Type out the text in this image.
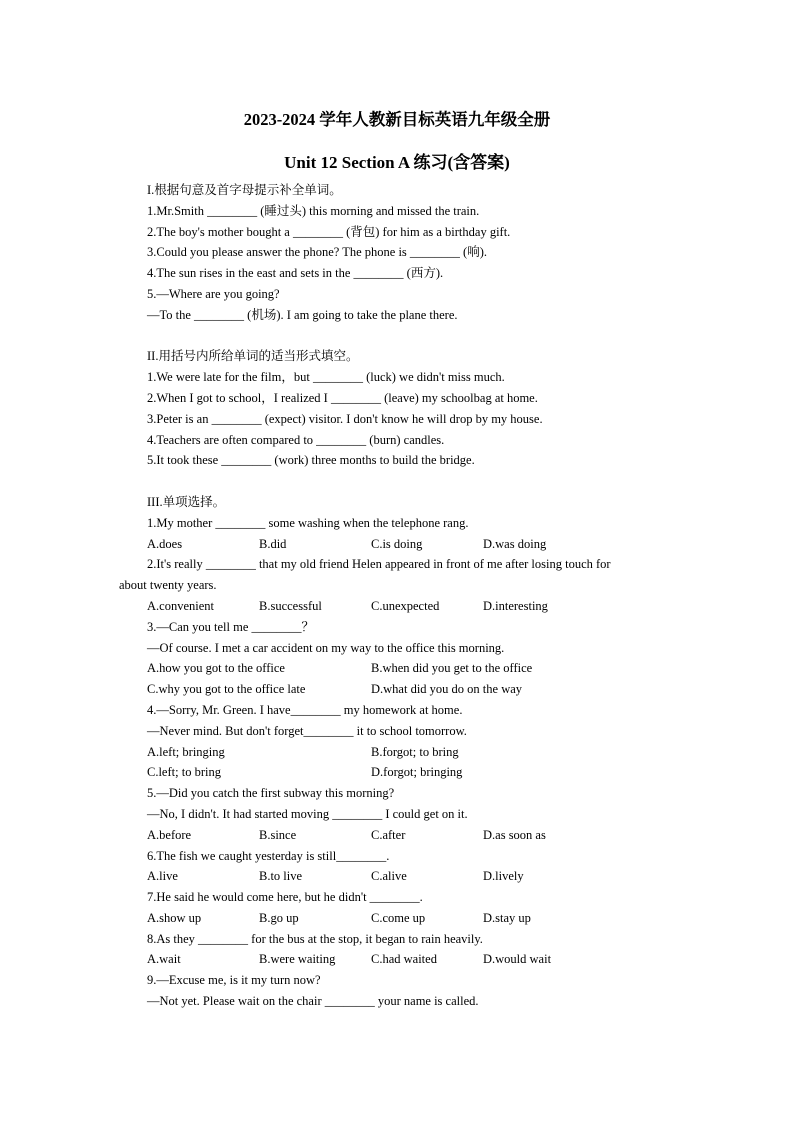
2023-2024 学年人教新目标英语九年级全册
Unit 12 Section A 练习(含答案)
I.根据句意及首字母提示补全单词。
1.Mr.Smith ________ (睡过头) this morning and missed the train.
2.The boy's mother bought a ________ (背包) for him as a birthday gift.
3.Could you please answer the phone? The phone is ________ (响).
4.The sun rises in the east and sets in the ________ (西方).
5.—Where are you going?
—To the ________ (机场). I am going to take the plane there.
II.用括号内所给单词的适当形式填空。
1.We were late for the film，but ________ (luck) we didn't miss much.
2.When I got to school，I realized I ________ (leave) my schoolbag at home.
3.Peter is an ________ (expect) visitor. I don't know he will drop by my house.
4.Teachers are often compared to ________ (burn) candles.
5.It took these ________ (work) three months to build the bridge.
III.单项选择。
1.My mother ________ some washing when the telephone rang.
A.does	B.did	C.is doing	D.was doing
2.It's really ________ that my old friend Helen appeared in front of me after losing touch for
about twenty years.
A.convenient	B.successful	C.unexpected	D.interesting
3.—Can you tell me ________？
—Of course. I met a car accident on my way to the office this morning.
A.how you got to the office	B.when did you get to the office
C.why you got to the office late	D.what did you do on the way
4.—Sorry, Mr. Green. I have________ my homework at home.
—Never mind. But don't forget________ it to school tomorrow.
A.left; bringing	B.forgot; to bring
C.left; to bring	D.forgot; bringing
5.—Did you catch the first subway this morning?
—No, I didn't. It had started moving ________ I could get on it.
A.before	B.since	C.after	D.as soon as
6.The fish we caught yesterday is still________.
A.live	B.to live	C.alive	D.lively
7.He said he would come here, but he didn't ________.
A.show up	B.go up	C.come up	D.stay up
8.As they ________ for the bus at the stop, it began to rain heavily.
A.wait	B.were waiting	C.had waited	D.would wait
9.—Excuse me, is it my turn now?
—Not yet. Please wait on the chair ________ your name is called.
